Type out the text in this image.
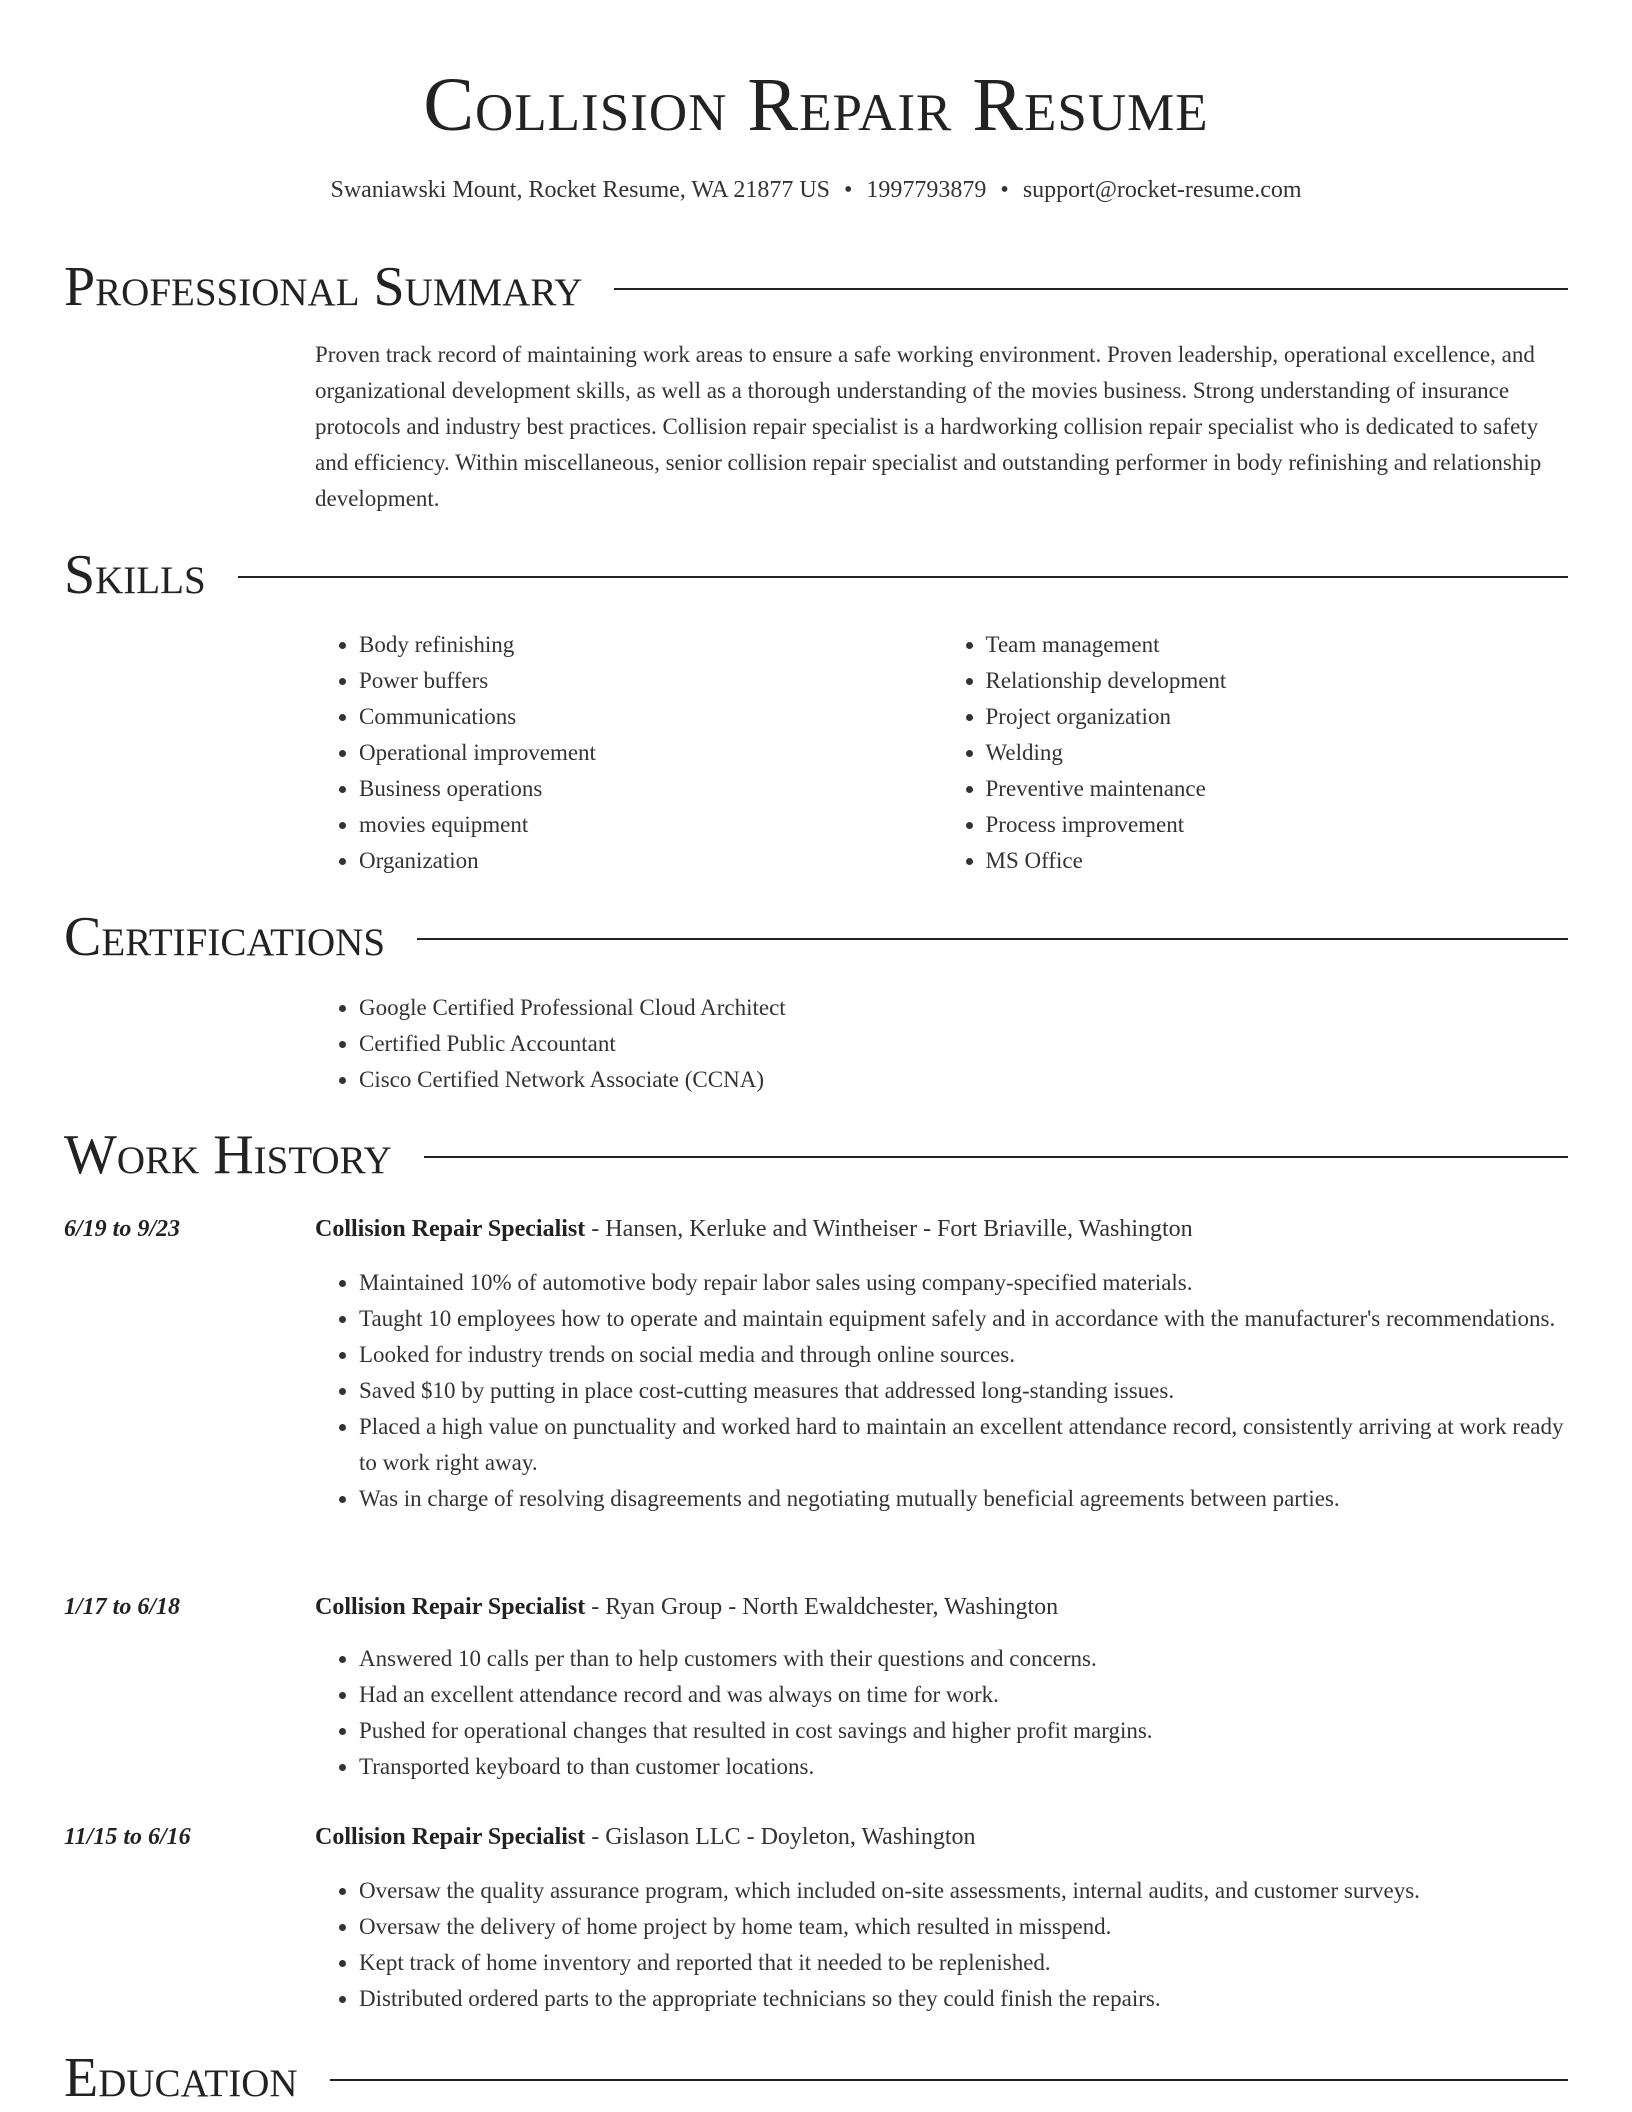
Collision Repair Resume
Swaniawski Mount, Rocket Resume, WA 21877 US • 1997793879 • support@rocket-resume.com
Professional Summary

Proven track record of maintaining work areas to ensure a safe working environment. Proven leadership, operational excellence, and organizational development skills, as well as a thorough understanding of the movies business. Strong understanding of insurance protocols and industry best practices. Collision repair specialist is a hardworking collision repair specialist who is dedicated to safety and efficiency. Within miscellaneous, senior collision repair specialist and outstanding performer in body refinishing and relationship development.

Skills
• Body refinishing
• Power buffers
• Communications
• Operational improvement
• Business operations
• movies equipment
• Organization
• Team management
• Relationship development
• Project organization
• Welding
• Preventive maintenance
• Process improvement
• MS Office
Certifications
• Google Certified Professional Cloud Architect
• Certified Public Accountant
• Cisco Certified Network Associate (CCNA)
Work History
6/19 to 9/23	Collision Repair Specialist - Hansen, Kerluke and Wintheiser - Fort Briaville, Washington
• Maintained 10% of automotive body repair labor sales using company-specified materials.
• Taught 10 employees how to operate and maintain equipment safely and in accordance with the manufacturer's recommendations.
• Looked for industry trends on social media and through online sources.
• Saved $10 by putting in place cost-cutting measures that addressed long-standing issues.
• Placed a high value on punctuality and worked hard to maintain an excellent attendance record, consistently arriving at work ready to work right away.
• Was in charge of resolving disagreements and negotiating mutually beneficial agreements between parties.
1/17 to 6/18	Collision Repair Specialist - Ryan Group - North Ewaldchester, Washington
• Answered 10 calls per than to help customers with their questions and concerns.
• Had an excellent attendance record and was always on time for work.
• Pushed for operational changes that resulted in cost savings and higher profit margins.
• Transported keyboard to than customer locations.
11/15 to 6/16	Collision Repair Specialist - Gislason LLC - Doyleton, Washington
• Oversaw the quality assurance program, which included on-site assessments, internal audits, and customer surveys.
• Oversaw the delivery of home project by home team, which resulted in misspend.
• Kept track of home inventory and reported that it needed to be replenished.
• Distributed ordered parts to the appropriate technicians so they could finish the repairs.
Education
